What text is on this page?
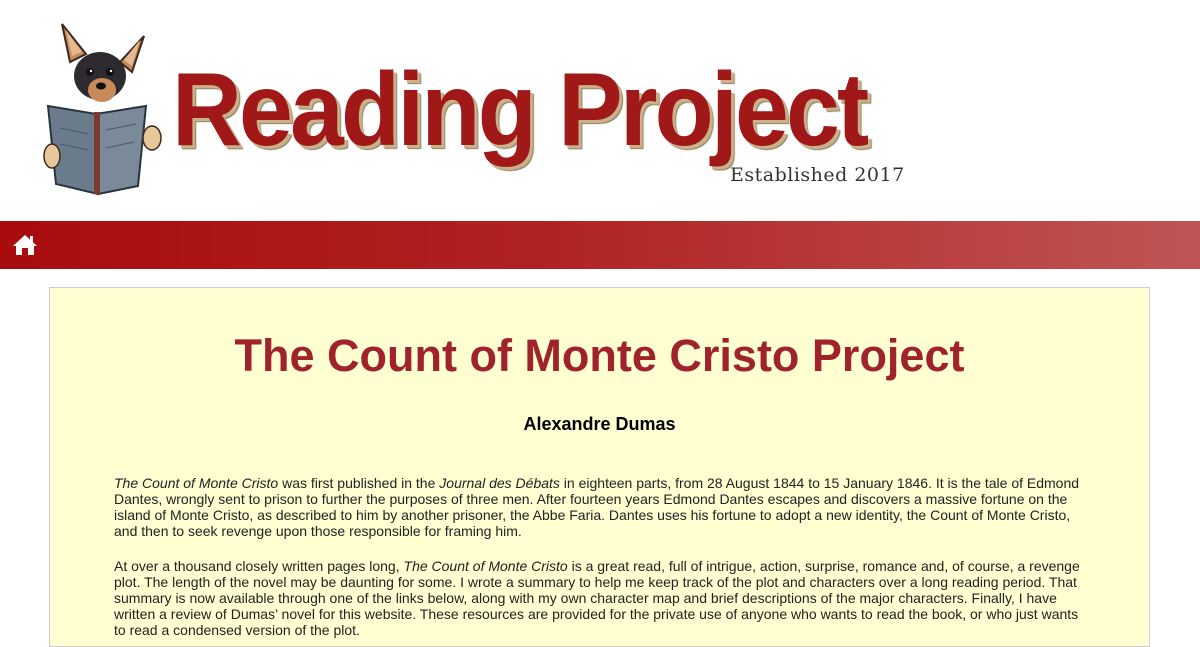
Reading Project
Established 2017
The Count of Monte Cristo Project
Alexandre Dumas

The Count of Monte Cristo was first published in the Journal des Débats in eighteen parts, from 28 August 1844 to 15 January 1846. It is the tale of Edmond Dantes, wrongly sent to prison to further the purposes of three men. After fourteen years Edmond Dantes escapes and discovers a massive fortune on the island of Monte Cristo, as described to him by another prisoner, the Abbe Faria. Dantes uses his fortune to adopt a new identity, the Count of Monte Cristo, and then to seek revenge upon those responsible for framing him.

At over a thousand closely written pages long, The Count of Monte Cristo is a great read, full of intrigue, action, surprise, romance and, of course, a revenge plot. The length of the novel may be daunting for some. I wrote a summary to help me keep track of the plot and characters over a long reading period. That summary is now available through one of the links below, along with my own character map and brief descriptions of the major characters. Finally, I have written a review of Dumas’ novel for this website. These resources are provided for the private use of anyone who wants to read the book, or who just wants to read a condensed version of the plot.
